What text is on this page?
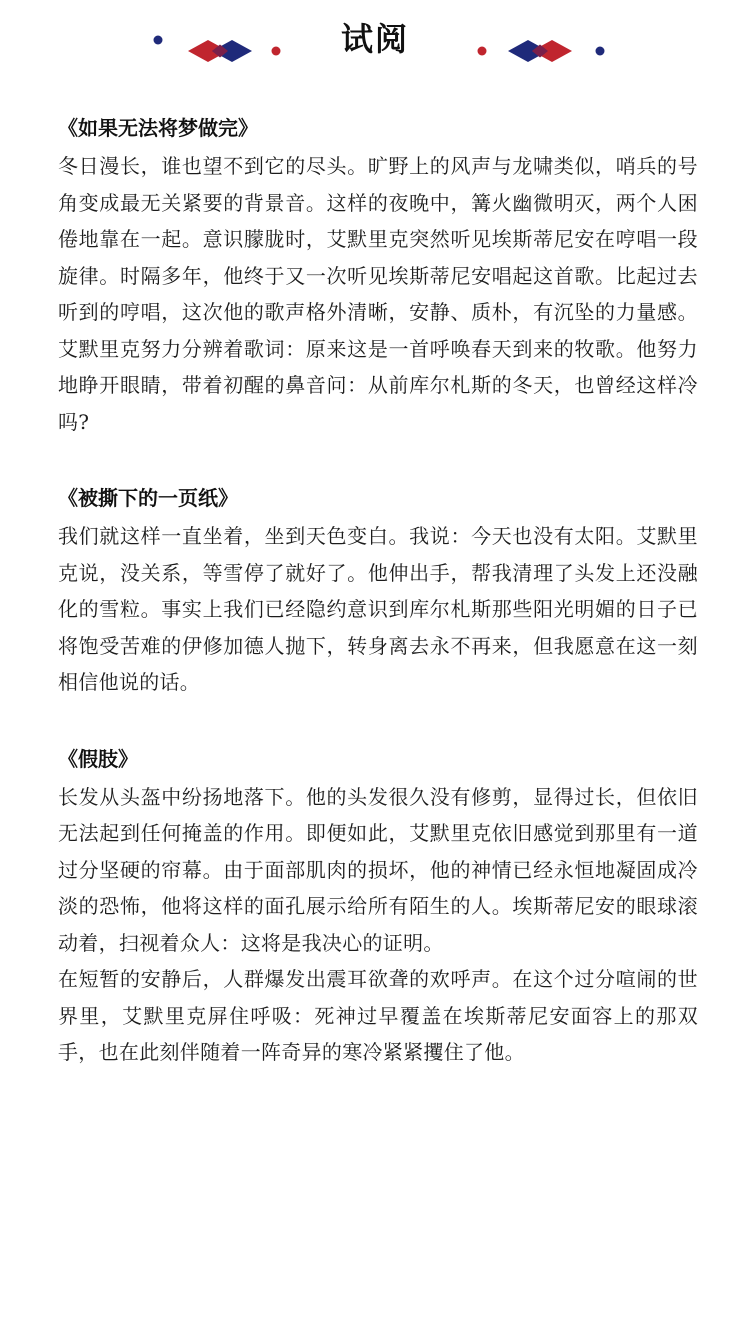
试阅
《如果无法将梦做完》

冬日漫长，谁也望不到它的尽头。旷野上的风声与龙啸类似，哨兵的号角变成最无关紧要的背景音。这样的夜晚中，篝火幽微明灭，两个人困倦地靠在一起。意识朦胧时，艾默里克突然听见埃斯蒂尼安在哼唱一段旋律。时隔多年，他终于又一次听见埃斯蒂尼安唱起这首歌。比起过去听到的哼唱，这次他的歌声格外清晰，安静、质朴，有沉坠的力量感。艾默里克努力分辨着歌词：原来这是一首呼唤春天到来的牧歌。他努力地睁开眼睛，带着初醒的鼻音问：从前库尔札斯的冬天，也曾经这样冷吗?

《被撕下的一页纸》

我们就这样一直坐着，坐到天色变白。我说：今天也没有太阳。艾默里克说，没关系，等雪停了就好了。他伸出手，帮我清理了头发上还没融化的雪粒。事实上我们已经隐约意识到库尔札斯那些阳光明媚的日子已将饱受苦难的伊修加德人抛下，转身离去永不再来，但我愿意在这一刻相信他说的话。

《假肢》

长发从头盔中纷扬地落下。他的头发很久没有修剪，显得过长，但依旧无法起到任何掩盖的作用。即便如此，艾默里克依旧感觉到那里有一道过分坚硬的帘幕。由于面部肌肉的损坏，他的神情已经永恒地凝固成冷淡的恐怖，他将这样的面孔展示给所有陌生的人。埃斯蒂尼安的眼球滚动着，扫视着众人：这将是我决心的证明。

在短暂的安静后，人群爆发出震耳欲聋的欢呼声。在这个过分喧闹的世界里，艾默里克屏住呼吸：死神过早覆盖在埃斯蒂尼安面容上的那双手，也在此刻伴随着一阵奇异的寒冷紧紧攫住了他。
